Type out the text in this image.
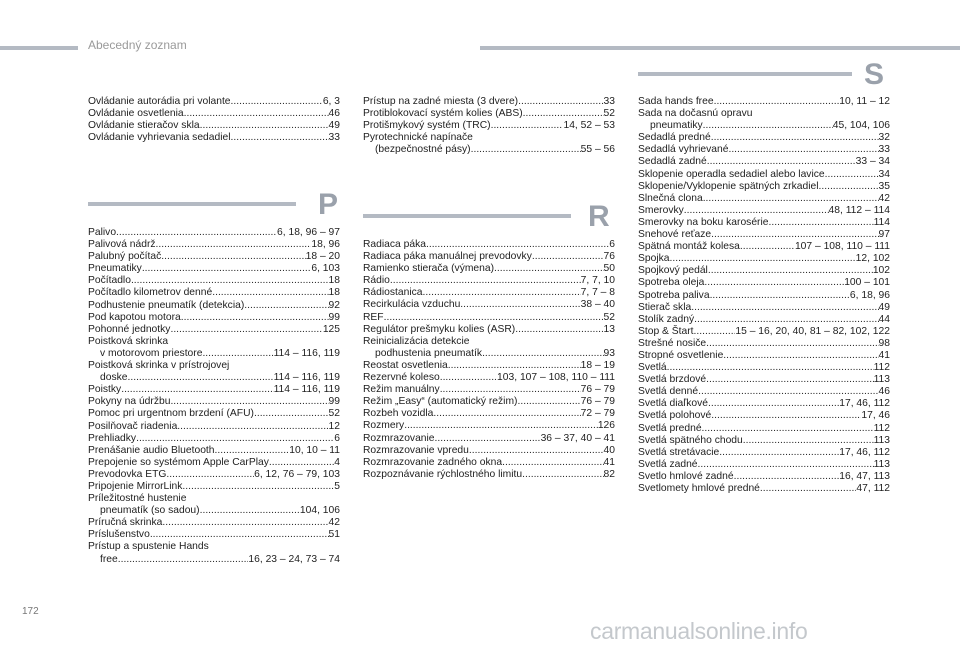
Abecedný zoznam
Ovládanie autorádia pri volante .....	6, 3
Ovládanie osvetlenia .....	46
Ovládanie stieračov skla .....	49
Ovládanie vyhrievania sedadiel .....	33
P
Palivo .....	6, 18, 96 – 97
Palivová nádrž .....	18, 96
Palubný počítač .....	18 – 20
Pneumatiky .....	6, 103
Počítadlo .....	18
Počítadlo kilometrov denné .....	18
Podhustenie pneumatík (detekcia) .....	92
Pod kapotou motora .....	99
Pohonné jednotky .....	125
Poistková skrinka
v motorovom priestore .....	114 – 116, 119
Poistková skrinka v prístrojovej
doske .....	114 – 116, 119
Poistky .....	114 – 116, 119
Pokyny na údržbu .....	99
Pomoc pri urgentnom brzdení (AFU) .....	52
Posilňovač riadenia .....	12
Prehliadky .....	6
Prenášanie audio Bluetooth .....	10, 10 – 11
Prepojenie so systémom Apple CarPlay .....	4
Prevodovka ETG .....	6, 12, 76 – 79, 103
Pripojenie MirrorLink .....	5
Príležitostné hustenie
pneumatík (so sadou) .....	104, 106
Príručná skrinka .....	42
Príslušenstvo .....	51
Prístup a spustenie Hands
free .....	16, 23 – 24, 73 – 74
Prístup na zadné miesta (3 dvere) .....	33
Protiblokovací systém kolies (ABS) .....	52
Protišmykový systém (TRC) .....	14, 52 – 53
Pyrotechnické napínače
(bezpečnostné pásy) .....	55 – 56
R
Radiaca páka .....	6
Radiaca páka manuálnej prevodovky .....	76
Ramienko stierača (výmena) .....	50
Rádio .....	7, 7, 10
Rádiostanica .....	7, 7 – 8
Recirkulácia vzduchu .....	38 – 40
REF .....	52
Regulátor prešmyku kolies (ASR) .....	13
Reinicializácia detekcie
podhustenia pneumatík .....	93
Reostat osvetlenia .....	18 – 19
Rezervné koleso .....	103, 107 – 108, 110 – 111
Režim manuálny .....	76 – 79
Režim „Easy“ (automatický režim) .....	76 – 79
Rozbeh vozidla .....	72 – 79
Rozmery .....	126
Rozmrazovanie .....	36 – 37, 40 – 41
Rozmrazovanie vpredu .....	40
Rozmrazovanie zadného okna .....	41
Rozpoznávanie rýchlostného limitu .....	82
S
Sada hands free .....	10, 11 – 12
Sada na dočasnú opravu
pneumatiky .....	45, 104, 106
Sedadlá predné .....	32
Sedadlá vyhrievané .....	33
Sedadlá zadné .....	33 – 34
Sklopenie operadla sedadiel alebo lavice .....	34
Sklopenie/Vyklopenie spätných zrkadiel .....	35
Slnečná clona .....	42
Smerovky .....	48, 112 – 114
Smerovky na boku karosérie .....	114
Snehové reťaze .....	97
Spätná montáž kolesa .....	107 – 108, 110 – 111
Spojka .....	12, 102
Spojkový pedál .....	102
Spotreba oleja .....	100 – 101
Spotreba paliva .....	6, 18, 96
Stierač skla .....	49
Stolík zadný .....	44
Stop & Štart .....	15 – 16, 20, 40, 81 – 82, 102, 122
Strešné nosiče .....	98
Stropné osvetlenie .....	41
Svetlá .....	112
Svetlá brzdové .....	113
Svetlá denné .....	46
Svetlá diaľkové .....	17, 46, 112
Svetlá polohové .....	17, 46
Svetlá predné .....	112
Svetlá spätného chodu .....	113
Svetlá stretávacie .....	17, 46, 112
Svetlá zadné .....	113
Svetlo hmlové zadné .....	16, 47, 113
Svetlomety hmlové predné .....	47, 112
172
carmanualsonline.info
